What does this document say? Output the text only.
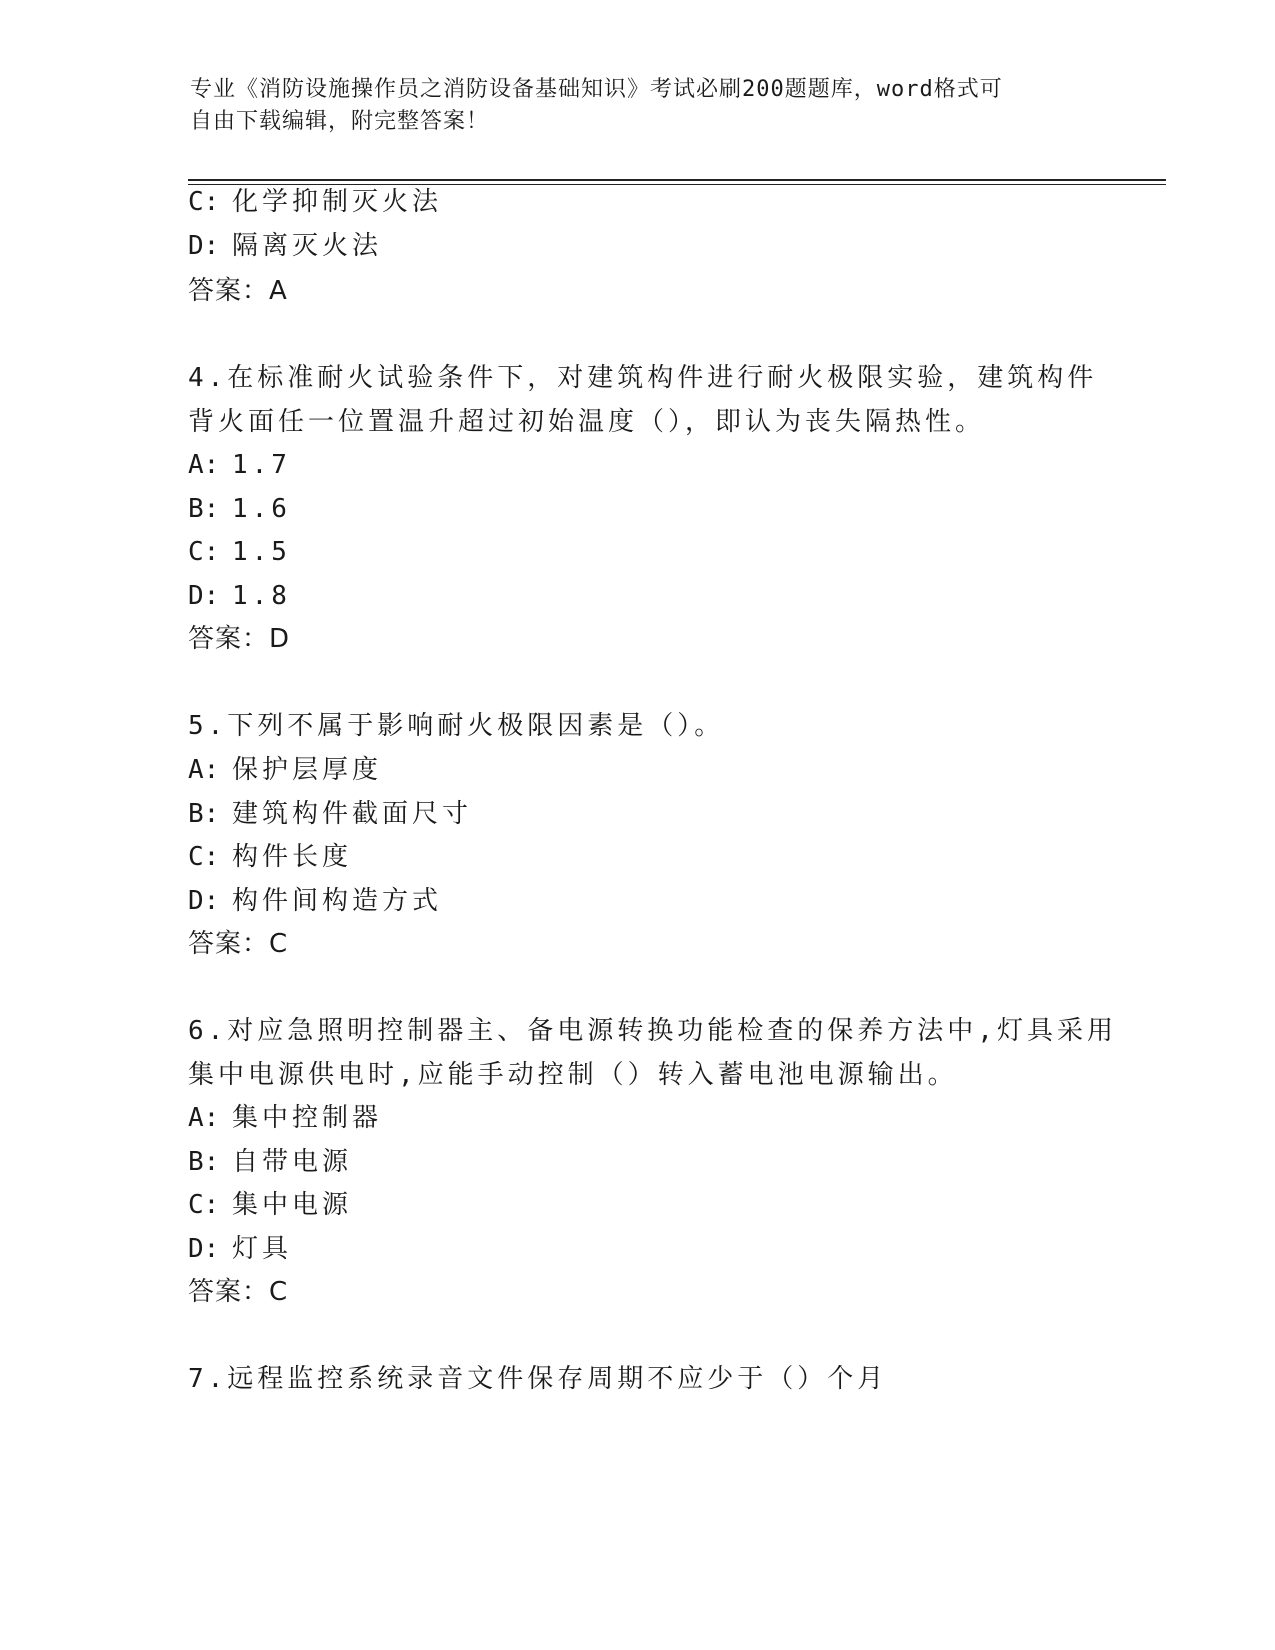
专业《消防设施操作员之消防设备基础知识》考试必刷200题题库，word格式可
自由下载编辑，附完整答案！
C: 化学抑制灭火法
D: 隔离灭火法
答案：A
4.在标准耐火试验条件下，对建筑构件进行耐火极限实验，建筑构件
背火面任一位置温升超过初始温度（），即认为丧失隔热性。
A: 1.7
B: 1.6
C: 1.5
D: 1.8
答案：D
5.下列不属于影响耐火极限因素是（）。
A: 保护层厚度
B: 建筑构件截面尺寸
C: 构件长度
D: 构件间构造方式
答案：C
6.对应急照明控制器主、备电源转换功能检查的保养方法中,灯具采用
集中电源供电时,应能手动控制（）转入蓄电池电源输出。
A: 集中控制器
B: 自带电源
C: 集中电源
D: 灯具
答案：C
7.远程监控系统录音文件保存周期不应少于（）个月
